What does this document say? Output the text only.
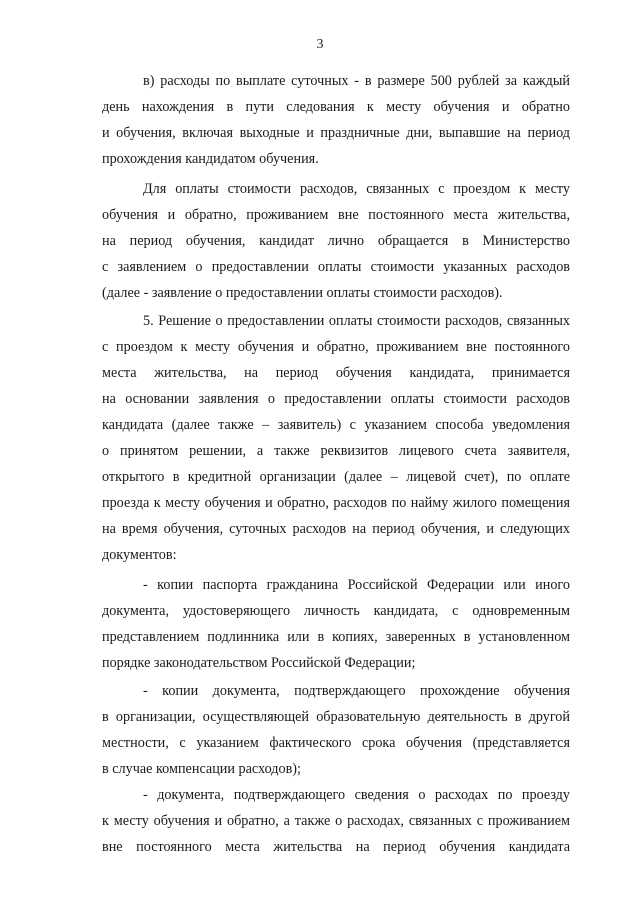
3
в) расходы по выплате суточных - в размере 500 рублей за каждый
день нахождения в пути следования к месту обучения и обратно
и обучения, включая выходные и праздничные дни, выпавшие на период
прохождения кандидатом обучения.
Для оплаты стоимости расходов, связанных с проездом к месту
обучения и обратно, проживанием вне постоянного места жительства,
на период обучения, кандидат лично обращается в Министерство
с заявлением о предоставлении оплаты стоимости указанных расходов
(далее - заявление о предоставлении оплаты стоимости расходов).
5. Решение о предоставлении оплаты стоимости расходов, связанных
с проездом к месту обучения и обратно, проживанием вне постоянного
места жительства, на период обучения кандидата, принимается
на основании заявления о предоставлении оплаты стоимости расходов
кандидата (далее также – заявитель) с указанием способа уведомления
о принятом решении, а также реквизитов лицевого счета заявителя,
открытого в кредитной организации (далее – лицевой счет), по оплате
проезда к месту обучения и обратно, расходов по найму жилого помещения
на время обучения, суточных расходов на период обучения, и следующих
документов:
- копии паспорта гражданина Российской Федерации или иного
документа, удостоверяющего личность кандидата, с одновременным
представлением подлинника или в копиях, заверенных в установленном
порядке законодательством Российской Федерации;
- копии документа, подтверждающего прохождение обучения
в организации, осуществляющей образовательную деятельность в другой
местности, с указанием фактического срока обучения (представляется
в случае компенсации расходов);
- документа, подтверждающего сведения о расходах по проезду
к месту обучения и обратно, а также о расходах, связанных с проживанием
вне постоянного места жительства на период обучения кандидата
